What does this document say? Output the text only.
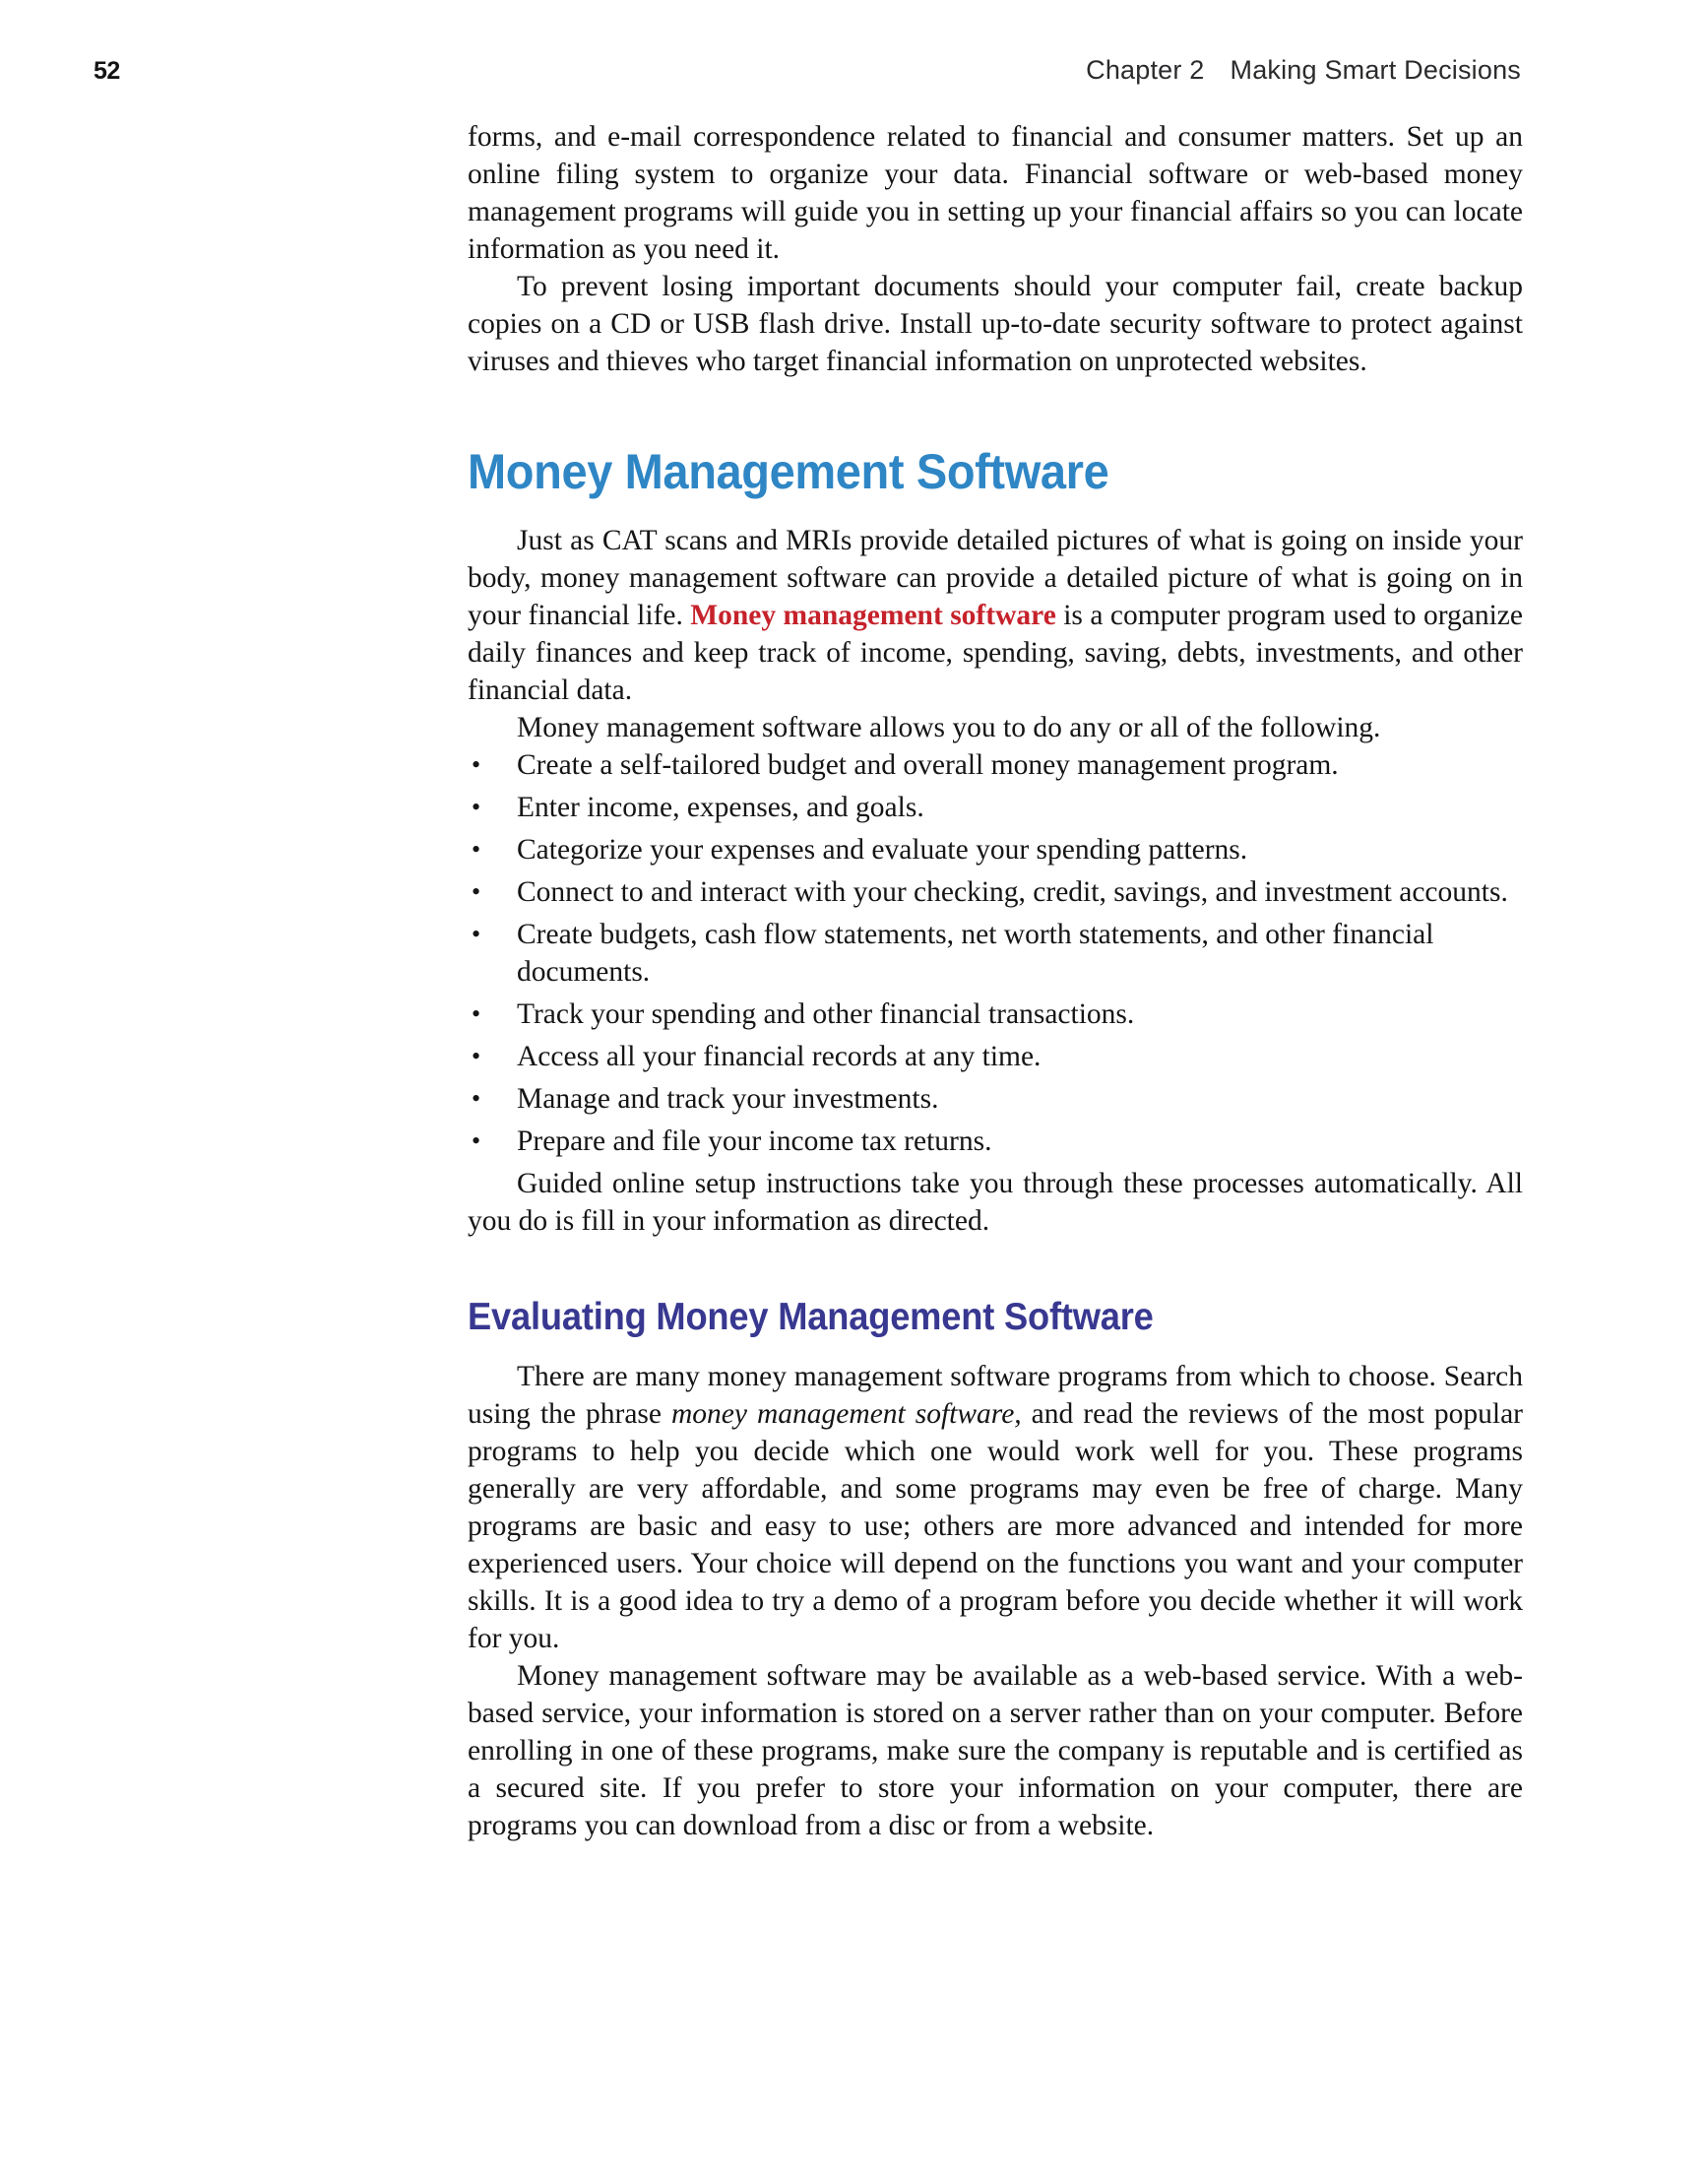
52	Chapter 2 Making Smart Decisions

forms, and e-mail correspondence related to financial and consumer matters. Set up an online filing system to organize your data. Financial software or web-based money management programs will guide you in setting up your financial affairs so you can locate information as you need it.

To prevent losing important documents should your computer fail, create backup copies on a CD or USB flash drive. Install up-to-date security software to protect against viruses and thieves who target financial information on unprotected websites.

Money Management Software

Just as CAT scans and MRIs provide detailed pictures of what is going on inside your body, money management software can provide a detailed picture of what is going on in your financial life. Money management software is a computer program used to organize daily finances and keep track of income, spending, saving, debts, investments, and other financial data.

Money management software allows you to do any or all of the following.

• Create a self-tailored budget and overall money management program.
• Enter income, expenses, and goals.
• Categorize your expenses and evaluate your spending patterns.
• Connect to and interact with your checking, credit, savings, and investment accounts.
• Create budgets, cash flow statements, net worth statements, and other financial documents.
• Track your spending and other financial transactions.
• Access all your financial records at any time.
• Manage and track your investments.
• Prepare and file your income tax returns.

Guided online setup instructions take you through these processes automatically. All you do is fill in your information as directed.

Evaluating Money Management Software

There are many money management software programs from which to choose. Search using the phrase money management software, and read the reviews of the most popular programs to help you decide which one would work well for you. These programs generally are very affordable, and some programs may even be free of charge. Many programs are basic and easy to use; others are more advanced and intended for more experienced users. Your choice will depend on the functions you want and your computer skills. It is a good idea to try a demo of a program before you decide whether it will work for you.

Money management software may be available as a web-based service. With a web-based service, your information is stored on a server rather than on your computer. Before enrolling in one of these programs, make sure the company is reputable and is certified as a secured site. If you prefer to store your information on your computer, there are programs you can download from a disc or from a website.
